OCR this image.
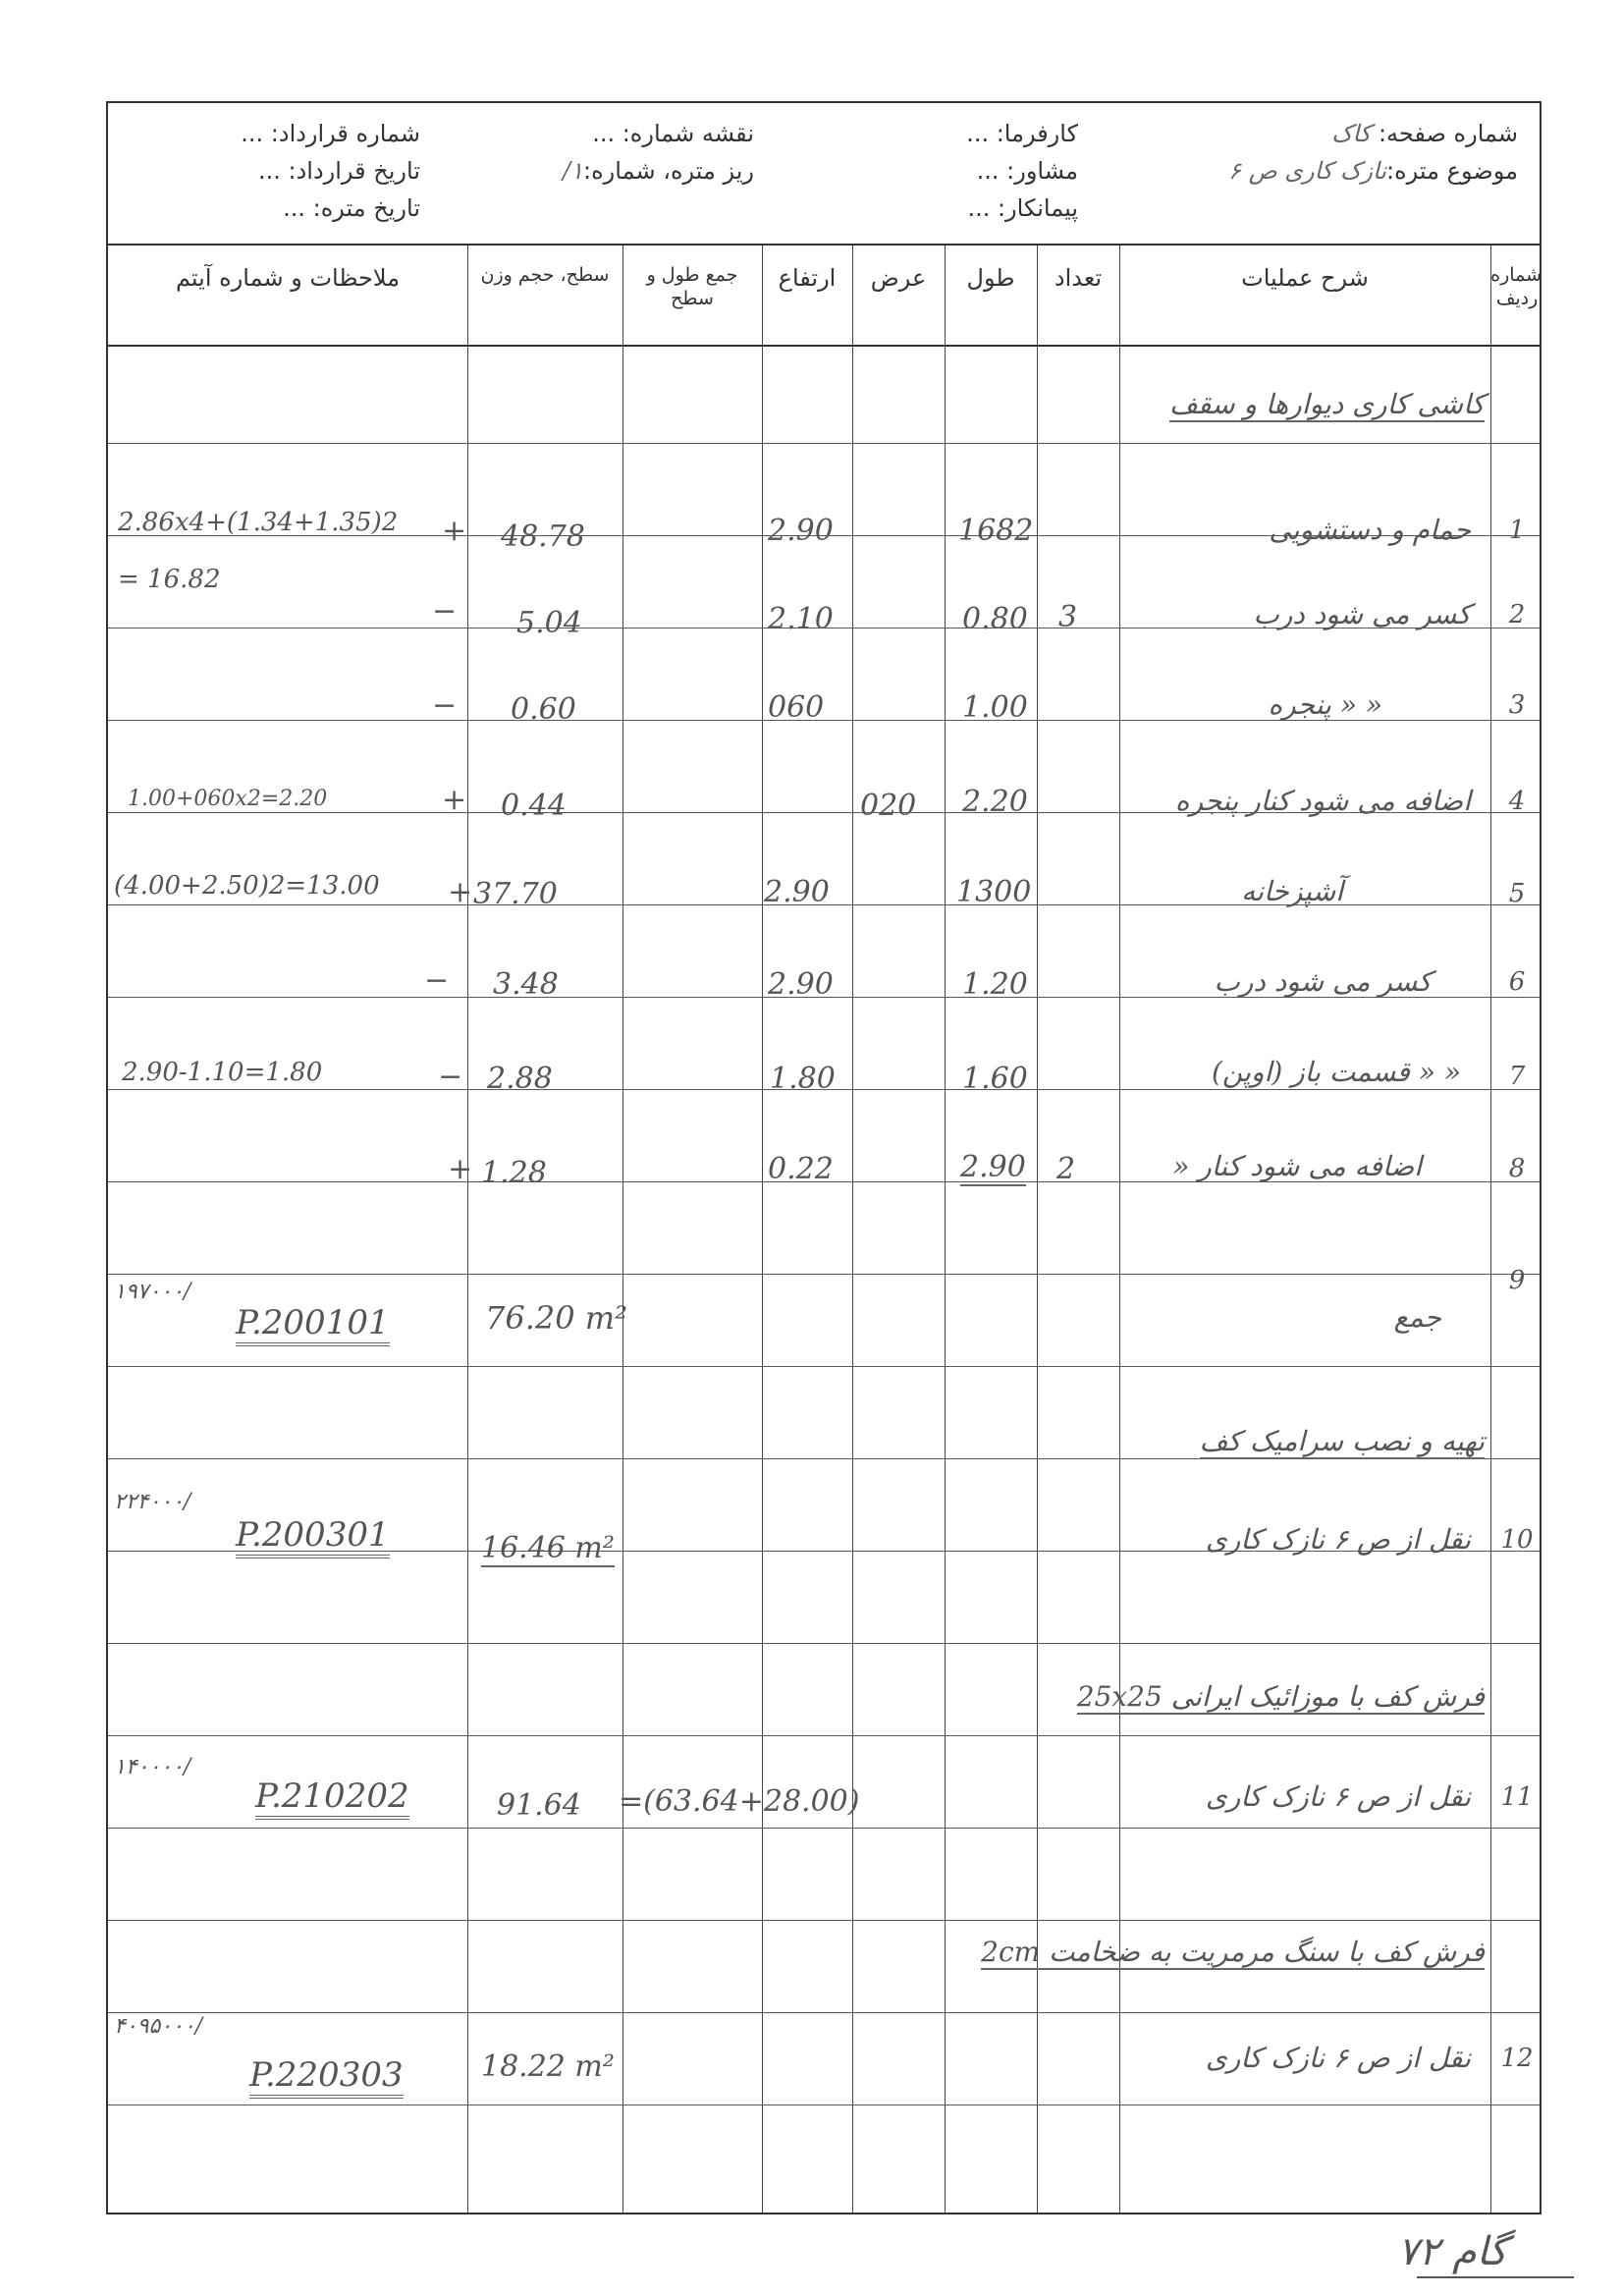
شماره صفحه: کاک
موضوع متره:نازک کاری ص ۶
کارفرما: ...
مشاور: ...
پیمانکار: ...
نقشه شماره: ...
ریز متره، شماره:۱/
شماره قرارداد: ...
تاریخ قرارداد: ...
تاریخ متره: ...
شماره ردیف
شرح عملیات
تعداد
طول
عرض
ارتفاع
جمع طول و سطح
سطح، حجم وزن
ملاحظات و شماره آیتم
کاشی کاری دیوارها و سقف
1
حمام و دستشویی
1682
2.90
+ 48.78
2.86x4+(1.34+1.35)2
= 16.82
2
کسر می شود درب
3
0.80
2.10
− 5.04
3
« « پنجره
1.00
060
− 0.60
4
اضافه می شود کنار پنجره
2.20
020
+ 0.44
1.00+060x2=2.20
5
آشپزخانه
1300
2.90
+ 37.70
(4.00+2.50)2=13.00
6
کسر می شود درب
1.20
2.90
− 3.48
7
« « قسمت باز (اوپن)
1.60
1.80
− 2.88
2.90-1.10=1.80
8
اضافه می شود کنار «
2
2.90
0.22
+ 1.28
9
جمع
76.20 m²
P.200101
۱۹۷۰۰۰/
تهیه و نصب سرامیک کف
10
نقل از ص ۶ نازک کاری
16.46 m²
P.200301
۲۲۴۰۰۰/
فرش کف با موزائیک ایرانی 25x25
11
نقل از ص ۶ نازک کاری
91.64 =(63.64+28.00)
P.210202
۱۴۰۰۰۰/
فرش کف با سنگ مرمریت به ضخامت 2cm
12
نقل از ص ۶ نازک کاری
18.22 m²
P.220303
۴۰۹۵۰۰۰/
گام ۷۲
